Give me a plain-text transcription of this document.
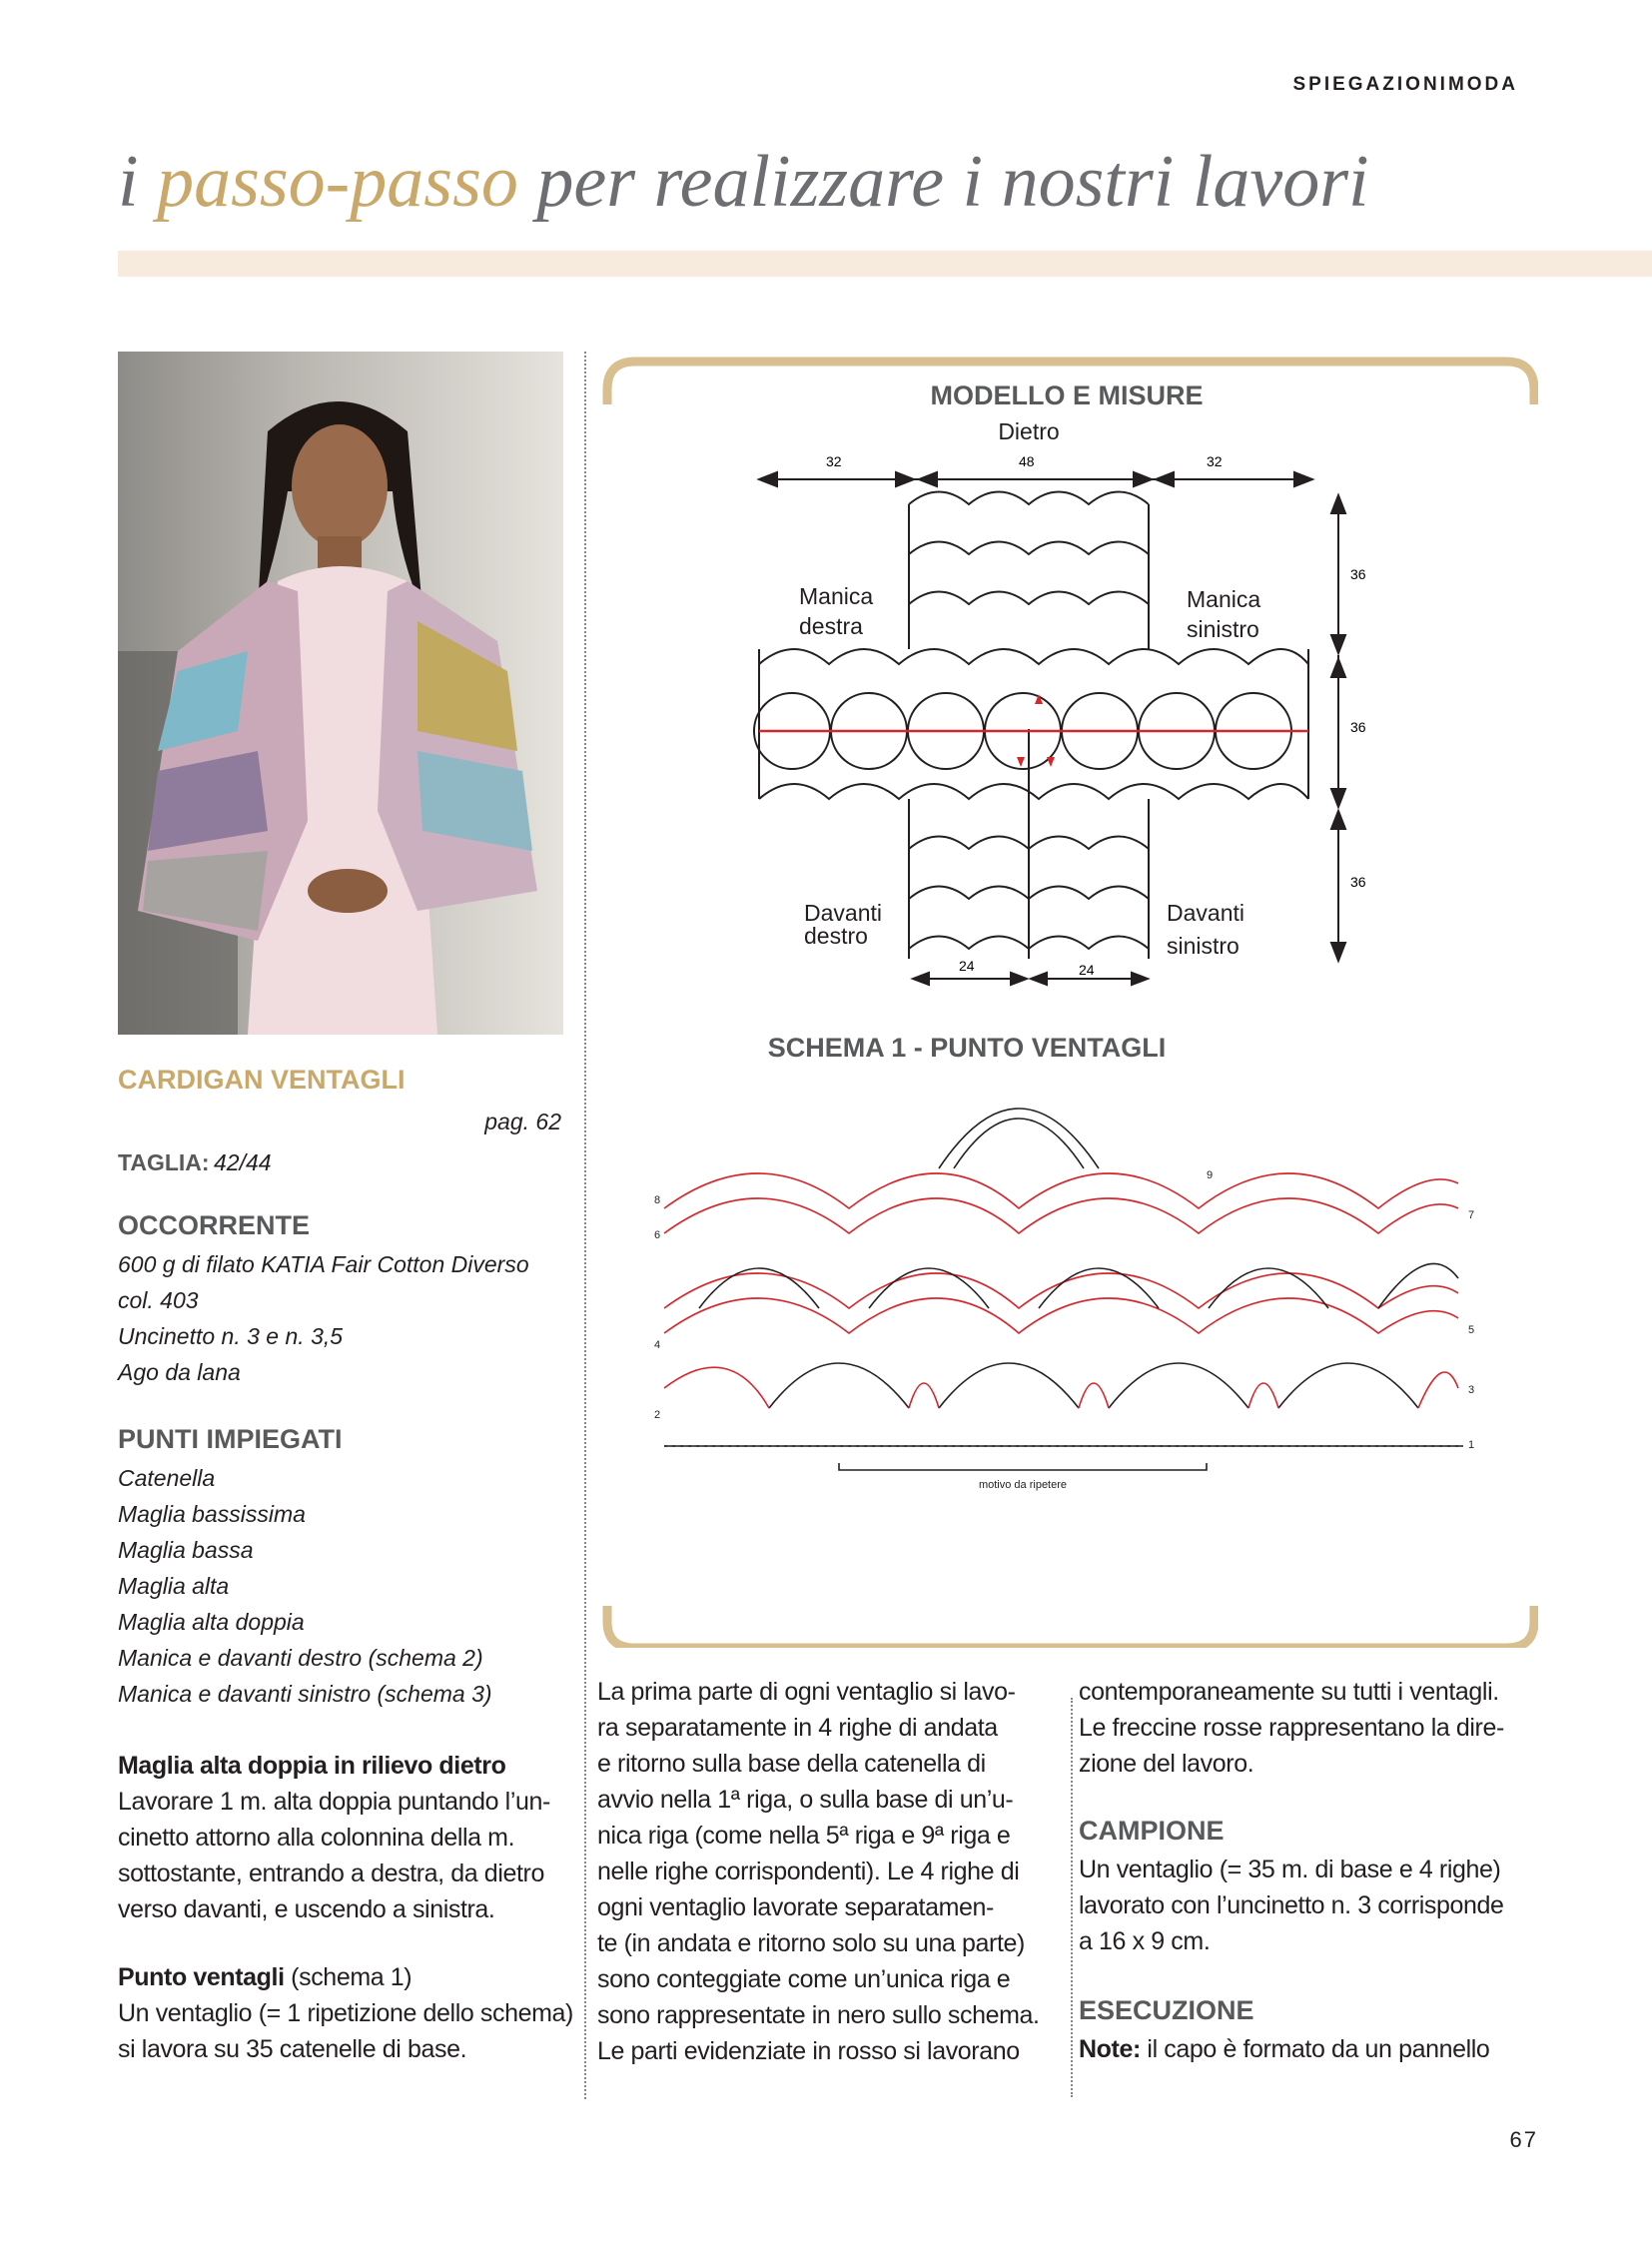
SPIEGAZIONIMODA
i passo-passo per realizzare i nostri lavori
MODELLO E MISURE
Dietro
32	48	32
36
36
36
Manica
destra
Manica
sinistro
Davanti
destro
Davanti
sinistro
24	24
SCHEMA 1 - PUNTO VENTAGLI
8
6
4
2
9
7
5
3
1
motivo da ripetere
CARDIGAN VENTAGLI
pag. 62
TAGLIA: 42/44
OCCORRENTE
600 g di filato KATIA Fair Cotton Diverso
col. 403
Uncinetto n. 3 e n. 3,5
Ago da lana
PUNTI IMPIEGATI
Catenella
Maglia bassissima
Maglia bassa
Maglia alta
Maglia alta doppia
Manica e davanti destro (schema 2)
Manica e davanti sinistro (schema 3)
Maglia alta doppia in rilievo dietro
Lavorare 1 m. alta doppia puntando l’un-
cinetto attorno alla colonnina della m.
sottostante, entrando a destra, da dietro
verso davanti, e uscendo a sinistra.
Punto ventagli (schema 1)
Un ventaglio (= 1 ripetizione dello schema)
si lavora su 35 catenelle di base.
La prima parte di ogni ventaglio si lavo-
ra separatamente in 4 righe di andata
e ritorno sulla base della catenella di
avvio nella 1ª riga, o sulla base di un’u-
nica riga (come nella 5ª riga e 9ª riga e
nelle righe corrispondenti). Le 4 righe di
ogni ventaglio lavorate separatamen-
te (in andata e ritorno solo su una parte)
sono conteggiate come un’unica riga e
sono rappresentate in nero sullo schema.
Le parti evidenziate in rosso si lavorano
contemporaneamente su tutti i ventagli.
Le freccine rosse rappresentano la dire-
zione del lavoro.
CAMPIONE
Un ventaglio (= 35 m. di base e 4 righe)
lavorato con l’uncinetto n. 3 corrisponde
a 16 x 9 cm.
ESECUZIONE
Note: il capo è formato da un pannello
67
